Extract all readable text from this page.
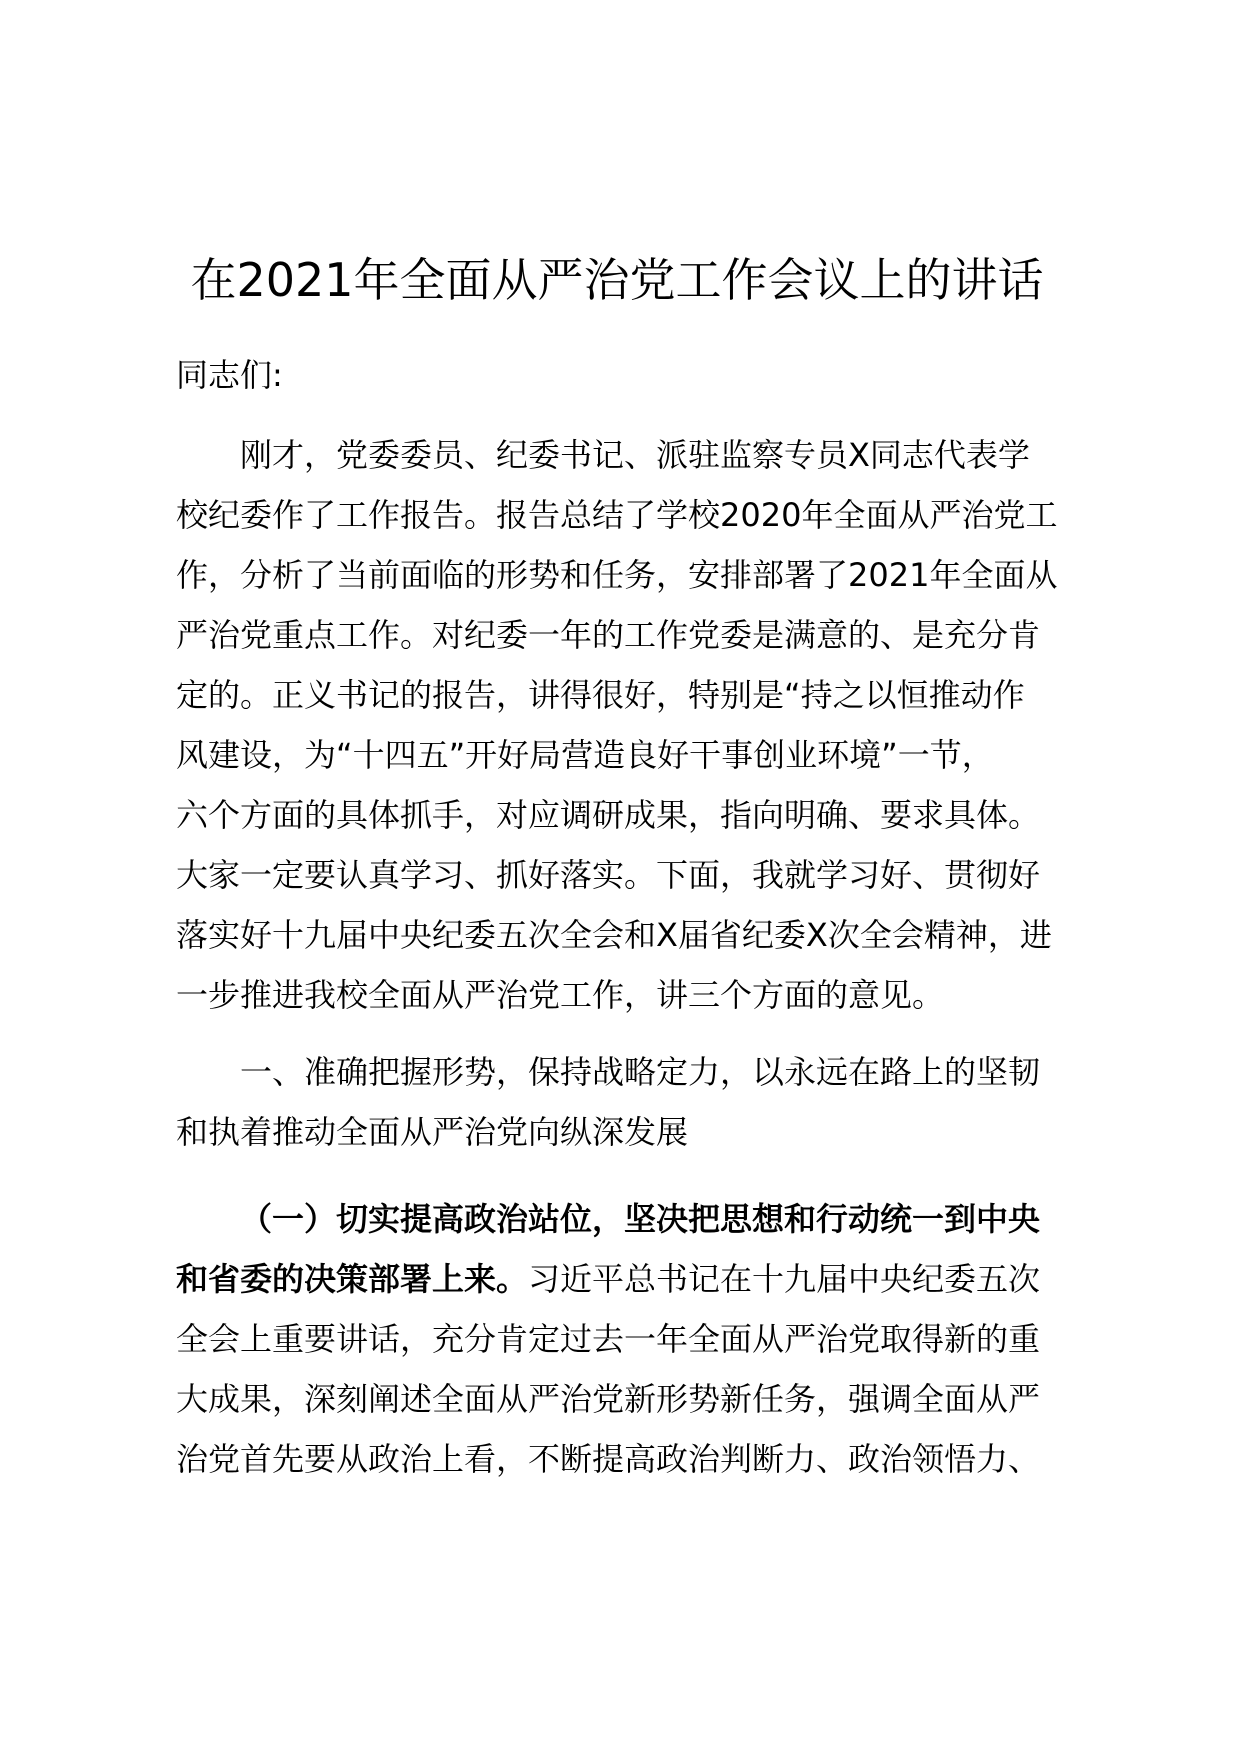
在2021年全面从严治党工作会议上的讲话
同志们:
刚才，党委委员、纪委书记、派驻监察专员X同志代表学
校纪委作了工作报告。报告总结了学校2020年全面从严治党工
作，分析了当前面临的形势和任务，安排部署了2021年全面从
严治党重点工作。对纪委一年的工作党委是满意的、是充分肯
定的。正义书记的报告，讲得很好，特别是“持之以恒推动作
风建设，为“十四五”开好局营造良好干事创业环境”一节，
六个方面的具体抓手，对应调研成果，指向明确、要求具体。
大家一定要认真学习、抓好落实。下面，我就学习好、贯彻好
落实好十九届中央纪委五次全会和X届省纪委X次全会精神，进
一步推进我校全面从严治党工作，讲三个方面的意见。
一、准确把握形势，保持战略定力，以永远在路上的坚韧
和执着推动全面从严治党向纵深发展
（一）切实提高政治站位，坚决把思想和行动统一到中央
和省委的决策部署上来。习近平总书记在十九届中央纪委五次
全会上重要讲话，充分肯定过去一年全面从严治党取得新的重
大成果，深刻阐述全面从严治党新形势新任务，强调全面从严
治党首先要从政治上看，不断提高政治判断力、政治领悟力、
